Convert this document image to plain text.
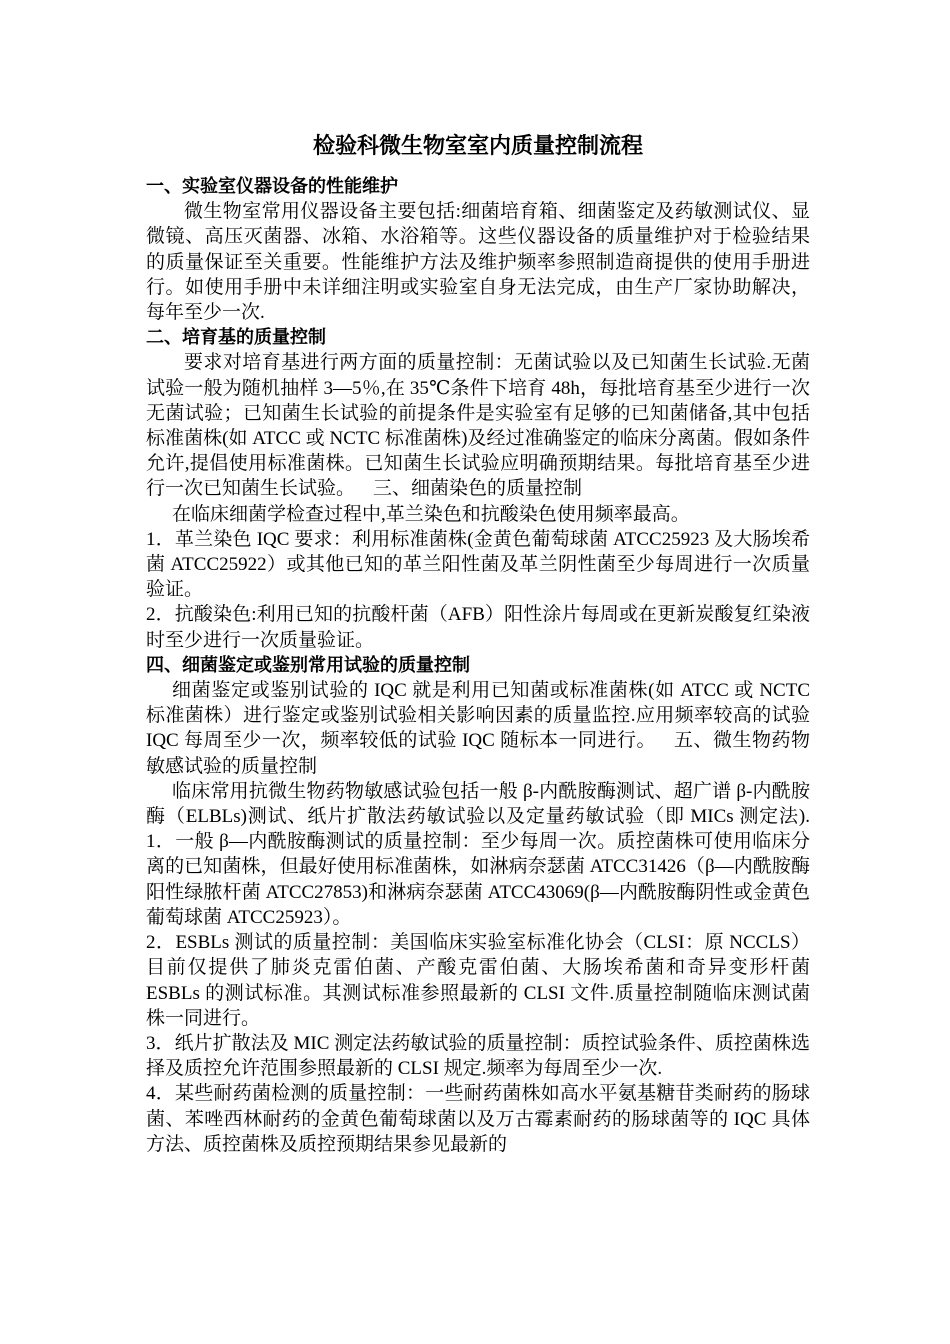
检验科微生物室室内质量控制流程
一、实验室仪器设备的性能维护

微生物室常用仪器设备主要包括:细菌培育箱、细菌鉴定及药敏测试仪、显微镜、高压灭菌器、冰箱、水浴箱等。这些仪器设备的质量维护对于检验结果的质量保证至关重要。性能维护方法及维护频率参照制造商提供的使用手册进行。如使用手册中未详细注明或实验室自身无法完成，由生产厂家协助解决，每年至少一次.

二、培育基的质量控制

要求对培育基进行两方面的质量控制：无菌试验以及已知菌生长试验.无菌试验一般为随机抽样 3—5％,在 35℃条件下培育 48h，每批培育基至少进行一次无菌试验；已知菌生长试验的前提条件是实验室有足够的已知菌储备,其中包括标准菌株(如 ATCC 或 NCTC 标准菌株)及经过准确鉴定的临床分离菌。假如条件允许,提倡使用标准菌株。已知菌生长试验应明确预期结果。每批培育基至少进行一次已知菌生长试验。 三、细菌染色的质量控制

在临床细菌学检查过程中,革兰染色和抗酸染色使用频率最高。

1．革兰染色 IQC 要求：利用标准菌株(金黄色葡萄球菌 ATCC25923 及大肠埃希菌 ATCC25922）或其他已知的革兰阳性菌及革兰阴性菌至少每周进行一次质量验证。

2．抗酸染色:利用已知的抗酸杆菌（AFB）阳性涂片每周或在更新炭酸复红染液时至少进行一次质量验证。

四、细菌鉴定或鉴别常用试验的质量控制

细菌鉴定或鉴别试验的 IQC 就是利用已知菌或标准菌株(如 ATCC 或 NCTC 标准菌株）进行鉴定或鉴别试验相关影响因素的质量监控.应用频率较高的试验 IQC 每周至少一次，频率较低的试验 IQC 随标本一同进行。 五、微生物药物敏感试验的质量控制

临床常用抗微生物药物敏感试验包括一般 β-内酰胺酶测试、超广谱 β-内酰胺酶（ELBLs)测试、纸片扩散法药敏试验以及定量药敏试验（即 MICs 测定法). 1．一般 β—内酰胺酶测试的质量控制：至少每周一次。质控菌株可使用临床分离的已知菌株，但最好使用标准菌株，如淋病奈瑟菌 ATCC31426（β—内酰胺酶阳性绿脓杆菌 ATCC27853)和淋病奈瑟菌 ATCC43069(β—内酰胺酶阴性或金黄色葡萄球菌 ATCC25923）。

2．ESBLs 测试的质量控制：美国临床实验室标准化协会（CLSI：原 NCCLS）目前仅提供了肺炎克雷伯菌、产酸克雷伯菌、大肠埃希菌和奇异变形杆菌 ESBLs 的测试标准。其测试标准参照最新的 CLSI 文件.质量控制随临床测试菌株一同进行。

3．纸片扩散法及 MIC 测定法药敏试验的质量控制：质控试验条件、质控菌株选择及质控允许范围参照最新的 CLSI 规定.频率为每周至少一次.

4．某些耐药菌检测的质量控制：一些耐药菌株如高水平氨基糖苷类耐药的肠球菌、苯唑西林耐药的金黄色葡萄球菌以及万古霉素耐药的肠球菌等的 IQC 具体方法、质控菌株及质控预期结果参见最新的
